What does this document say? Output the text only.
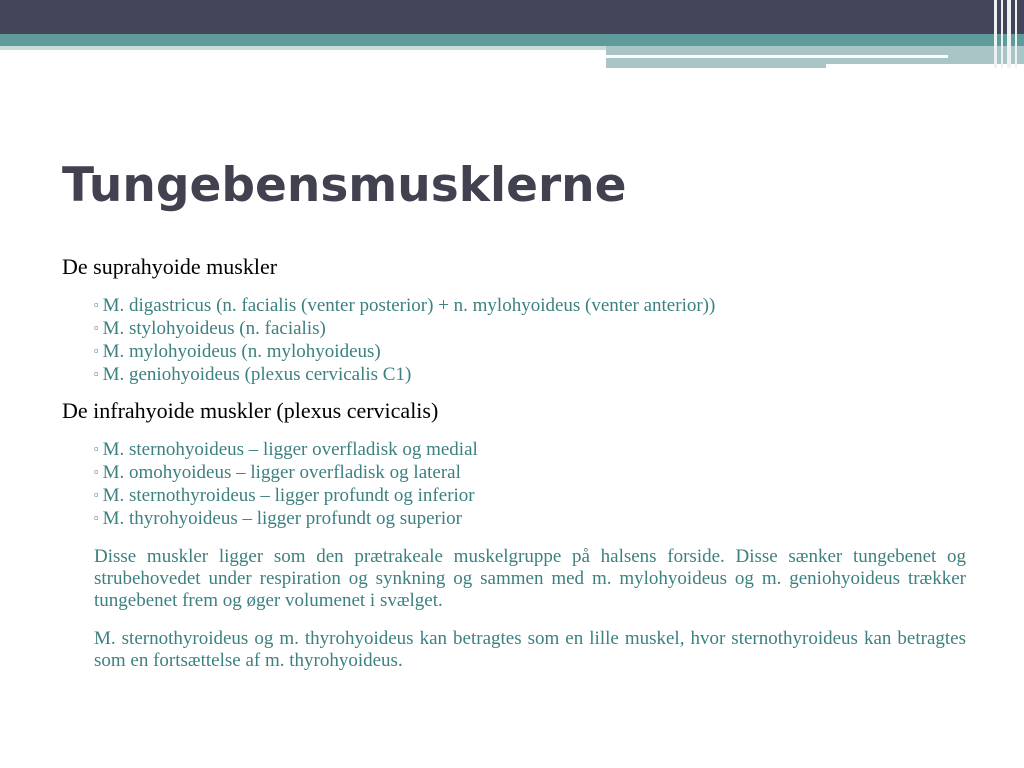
Tungebensmusklerne

De suprahyoide muskler

▫ M. digastricus (n. facialis (venter posterior) + n. mylohyoideus (venter anterior))
▫ M. stylohyoideus (n. facialis)
▫ M. mylohyoideus (n. mylohyoideus)
▫ M. geniohyoideus (plexus cervicalis C1)

De infrahyoide muskler (plexus cervicalis)

▫ M. sternohyoideus – ligger overfladisk og medial
▫ M. omohyoideus – ligger overfladisk og lateral
▫ M. sternothyroideus – ligger profundt og inferior
▫ M. thyrohyoideus – ligger profundt og superior

Disse muskler ligger som den prætrakeale muskelgruppe på halsens forside. Disse sænker tungebenet og strubehovedet under respiration og synkning og sammen med m. mylohyoideus og m. geniohyoideus trækker tungebenet frem og øger volumenet i svælget.

M. sternothyroideus og m. thyrohyoideus kan betragtes som en lille muskel, hvor sternothyroideus kan betragtes som en fortsættelse af m. thyrohyoideus.
